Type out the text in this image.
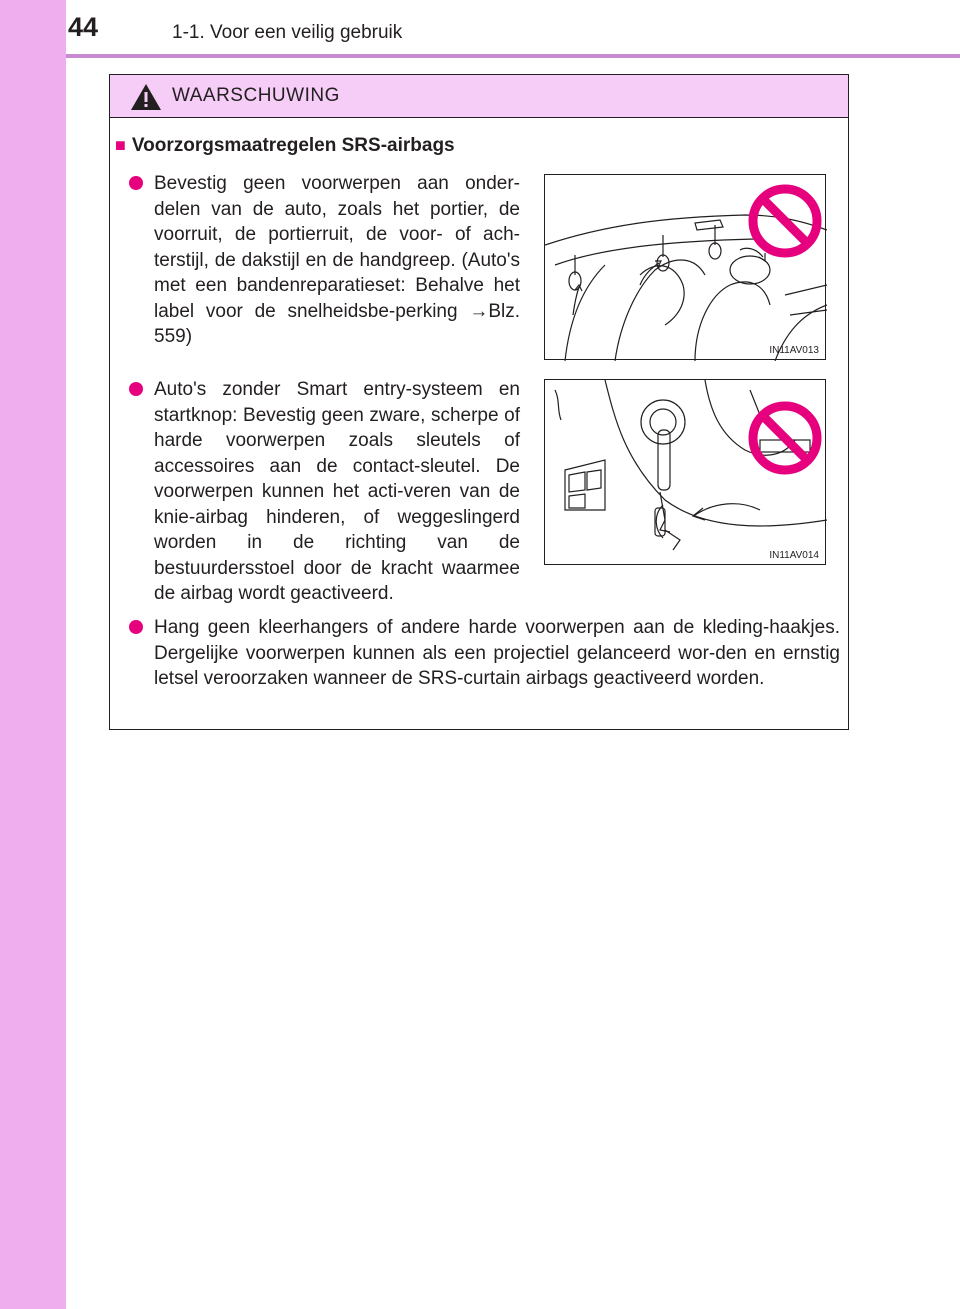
44	1-1. Voor een veilig gebruik
WAARSCHUWING
■ Voorzorgsmaatregelen SRS-airbags
Bevestig geen voorwerpen aan onder-delen van de auto, zoals het portier, de voorruit, de portierruit, de voor- of ach-terstijl, de dakstijl en de handgreep. (Auto's met een bandenreparatieset: Behalve het label voor de snelheidsbe-perking →Blz. 559)
Auto's zonder Smart entry-systeem en startknop: Bevestig geen zware, scherpe of harde voorwerpen zoals sleutels of accessoires aan de contact-sleutel. De voorwerpen kunnen het acti-veren van de knie-airbag hinderen, of weggeslingerd worden in de richting van de bestuurdersstoel door de kracht waarmee de airbag wordt geactiveerd.
Hang geen kleerhangers of andere harde voorwerpen aan de kleding-haakjes. Dergelijke voorwerpen kunnen als een projectiel gelanceerd wor-den en ernstig letsel veroorzaken wanneer de SRS-curtain airbags geactiveerd worden.
IN11AV013
IN11AV014
